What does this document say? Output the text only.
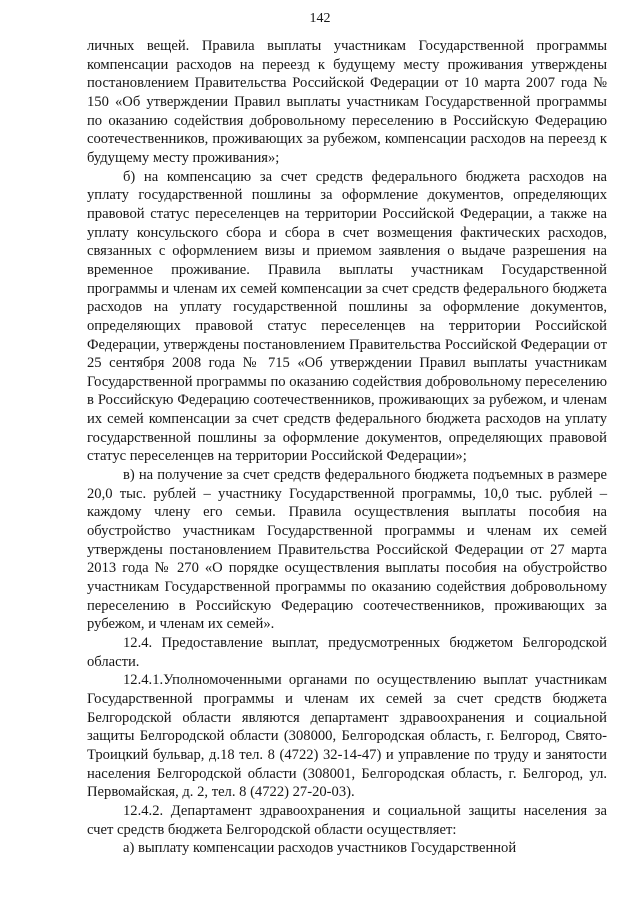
142

личных вещей. Правила выплаты участникам Государственной программы компенсации расходов на переезд к будущему месту проживания утверждены постановлением Правительства Российской Федерации от 10 марта 2007 года № 150 «Об утверждении Правил выплаты участникам Государственной программы по оказанию содействия добровольному переселению в Российскую Федерацию соотечественников, проживающих за рубежом, компенсации расходов на переезд к будущему месту проживания»;

б) на компенсацию за счет средств федерального бюджета расходов на уплату государственной пошлины за оформление документов, определяющих правовой статус переселенцев на территории Российской Федерации, а также на уплату консульского сбора и сбора в счет возмещения фактических расходов, связанных с оформлением визы и приемом заявления о выдаче разрешения на временное проживание. Правила выплаты участникам Государственной программы и членам их семей компенсации за счет средств федерального бюджета расходов на уплату государственной пошлины за оформление документов, определяющих правовой статус переселенцев на территории Российской Федерации, утверждены постановлением Правительства Российской Федерации от 25 сентября 2008 года № 715 «Об утверждении Правил выплаты участникам Государственной программы по оказанию содействия добровольному переселению в Российскую Федерацию соотечественников, проживающих за рубежом, и членам их семей компенсации за счет средств федерального бюджета расходов на уплату государственной пошлины за оформление документов, определяющих правовой статус переселенцев на территории Российской Федерации»;

в) на получение за счет средств федерального бюджета подъемных в размере 20,0 тыс. рублей – участнику Государственной программы, 10,0 тыс. рублей – каждому члену его семьи. Правила осуществления выплаты пособия на обустройство участникам Государственной программы и членам их семей утверждены постановлением Правительства Российской Федерации от 27 марта 2013 года № 270 «О порядке осуществления выплаты пособия на обустройство участникам Государственной программы по оказанию содействия добровольному переселению в Российскую Федерацию соотечественников, проживающих за рубежом, и членам их семей».

12.4. Предоставление выплат, предусмотренных бюджетом Белгородской области.

12.4.1.Уполномоченными органами по осуществлению выплат участникам Государственной программы и членам их семей за счет средств бюджета Белгородской области являются департамент здравоохранения и социальной защиты Белгородской области (308000, Белгородская область, г. Белгород, Свято-Троицкий бульвар, д.18 тел. 8 (4722) 32-14-47) и управление по труду и занятости населения Белгородской области (308001, Белгородская область, г. Белгород, ул. Первомайская, д. 2, тел. 8 (4722) 27-20-03).

12.4.2. Департамент здравоохранения и социальной защиты населения за счет средств бюджета Белгородской области осуществляет:

а) выплату компенсации расходов участников Государственной
